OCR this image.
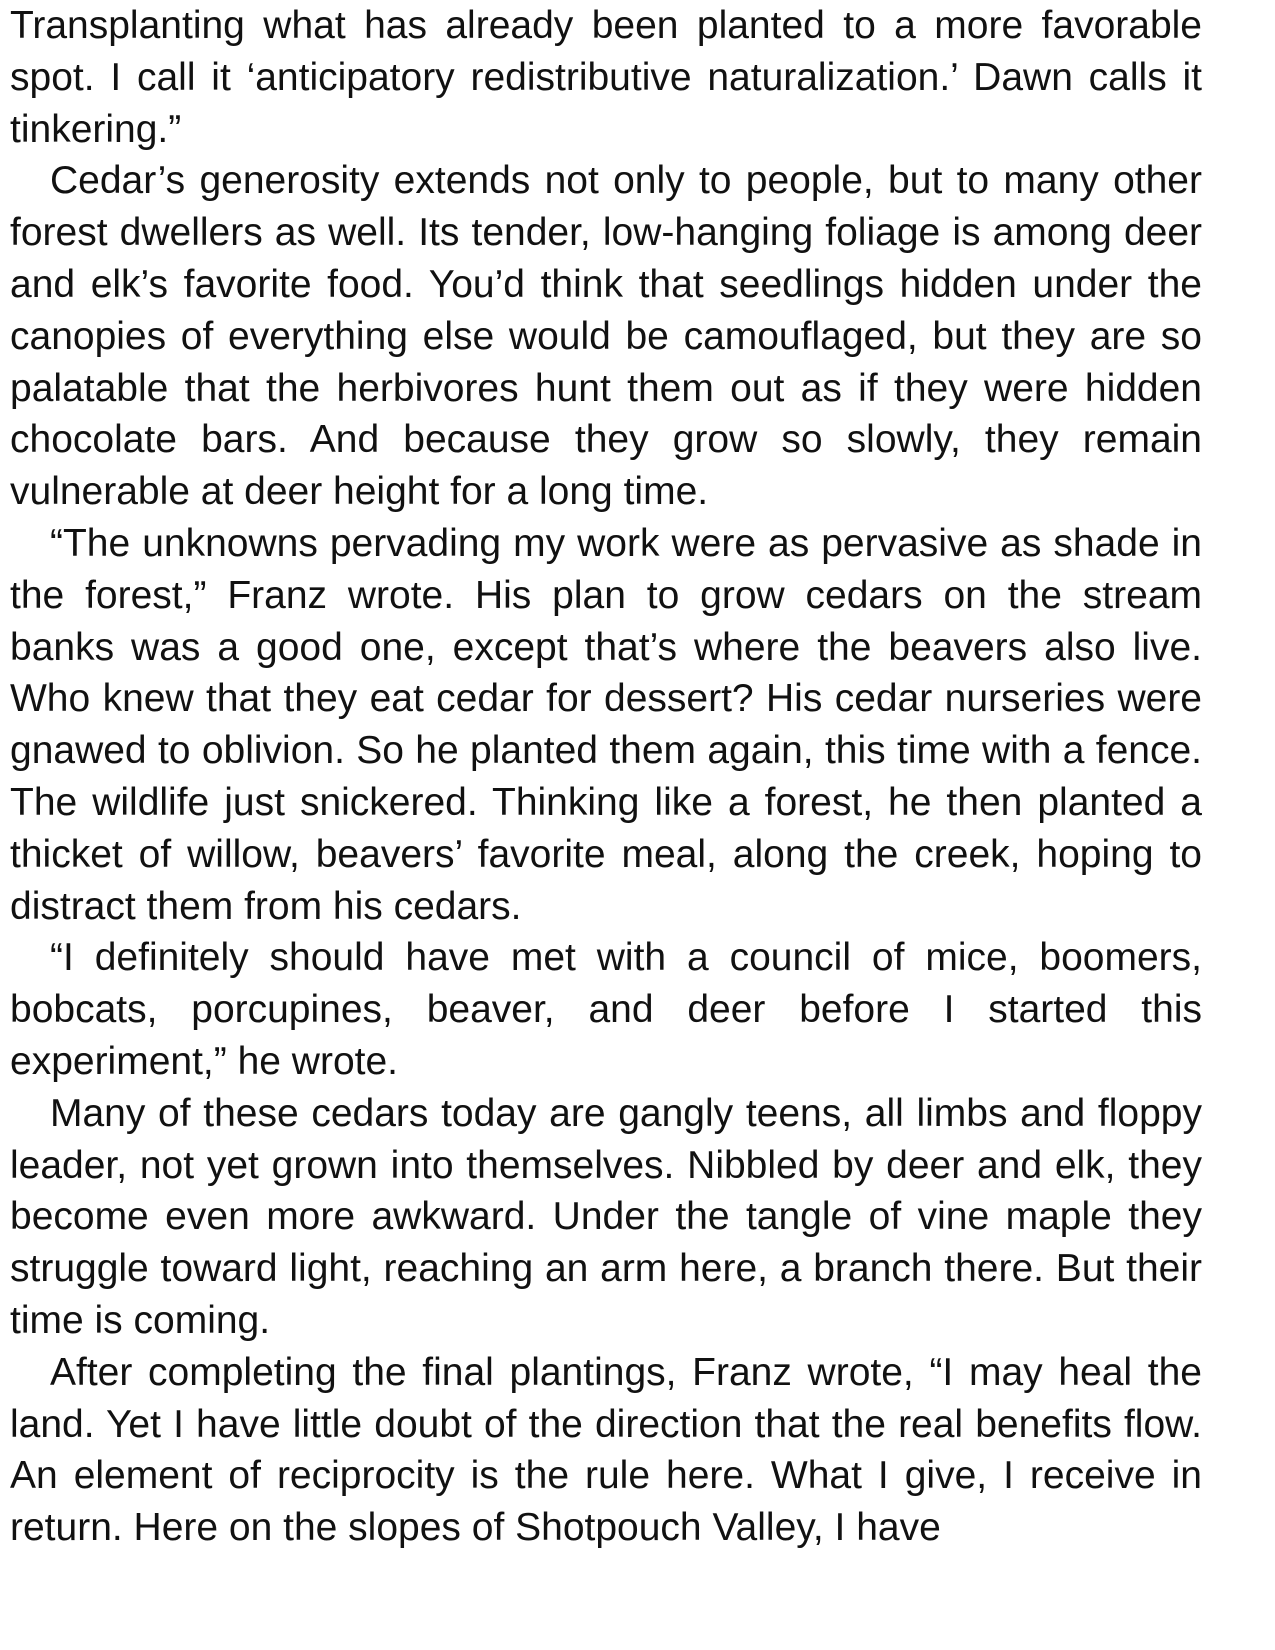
Transplanting what has already been planted to a more favorable spot. I call it ‘anticipatory redistributive naturalization.’ Dawn calls it tinkering.”

Cedar’s generosity extends not only to people, but to many other forest dwellers as well. Its tender, low-hanging foliage is among deer and elk’s favorite food. You’d think that seedlings hidden under the canopies of everything else would be camouflaged, but they are so palatable that the herbivores hunt them out as if they were hidden chocolate bars. And because they grow so slowly, they remain vulnerable at deer height for a long time.

“The unknowns pervading my work were as pervasive as shade in the forest,” Franz wrote. His plan to grow cedars on the stream banks was a good one, except that’s where the beavers also live. Who knew that they eat cedar for dessert? His cedar nurseries were gnawed to oblivion. So he planted them again, this time with a fence. The wildlife just snickered. Thinking like a forest, he then planted a thicket of willow, beavers’ favorite meal, along the creek, hoping to distract them from his cedars.

“I definitely should have met with a council of mice, boomers, bobcats, porcupines, beaver, and deer before I started this experiment,” he wrote.

Many of these cedars today are gangly teens, all limbs and floppy leader, not yet grown into themselves. Nibbled by deer and elk, they become even more awkward. Under the tangle of vine maple they struggle toward light, reaching an arm here, a branch there. But their time is coming.

After completing the final plantings, Franz wrote, “I may heal the land. Yet I have little doubt of the direction that the real benefits flow. An element of reciprocity is the rule here. What I give, I receive in return. Here on the slopes of Shotpouch Valley, I have
